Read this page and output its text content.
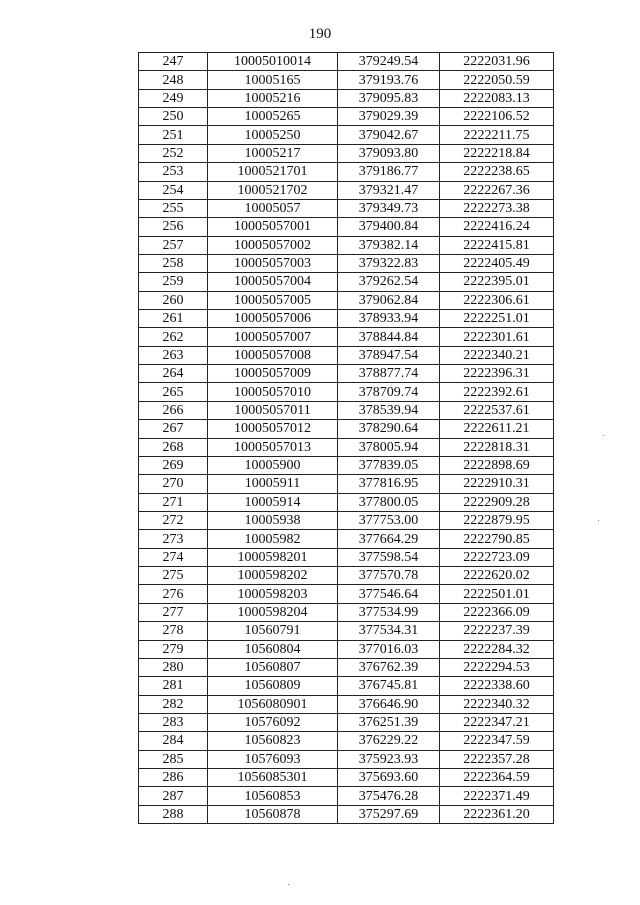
190
247	10005010014	379249.54	2222031.96
248	10005165	379193.76	2222050.59
249	10005216	379095.83	2222083.13
250	10005265	379029.39	2222106.52
251	10005250	379042.67	2222211.75
252	10005217	379093.80	2222218.84
253	1000521701	379186.77	2222238.65
254	1000521702	379321.47	2222267.36
255	10005057	379349.73	2222273.38
256	10005057001	379400.84	2222416.24
257	10005057002	379382.14	2222415.81
258	10005057003	379322.83	2222405.49
259	10005057004	379262.54	2222395.01
260	10005057005	379062.84	2222306.61
261	10005057006	378933.94	2222251.01
262	10005057007	378844.84	2222301.61
263	10005057008	378947.54	2222340.21
264	10005057009	378877.74	2222396.31
265	10005057010	378709.74	2222392.61
266	10005057011	378539.94	2222537.61
267	10005057012	378290.64	2222611.21
268	10005057013	378005.94	2222818.31
269	10005900	377839.05	2222898.69
270	10005911	377816.95	2222910.31
271	10005914	377800.05	2222909.28
272	10005938	377753.00	2222879.95
273	10005982	377664.29	2222790.85
274	1000598201	377598.54	2222723.09
275	1000598202	377570.78	2222620.02
276	1000598203	377546.64	2222501.01
277	1000598204	377534.99	2222366.09
278	10560791	377534.31	2222237.39
279	10560804	377016.03	2222284.32
280	10560807	376762.39	2222294.53
281	10560809	376745.81	2222338.60
282	1056080901	376646.90	2222340.32
283	10576092	376251.39	2222347.21
284	10560823	376229.22	2222347.59
285	10576093	375923.93	2222357.28
286	1056085301	375693.60	2222364.59
287	10560853	375476.28	2222371.49
288	10560878	375297.69	2222361.20
